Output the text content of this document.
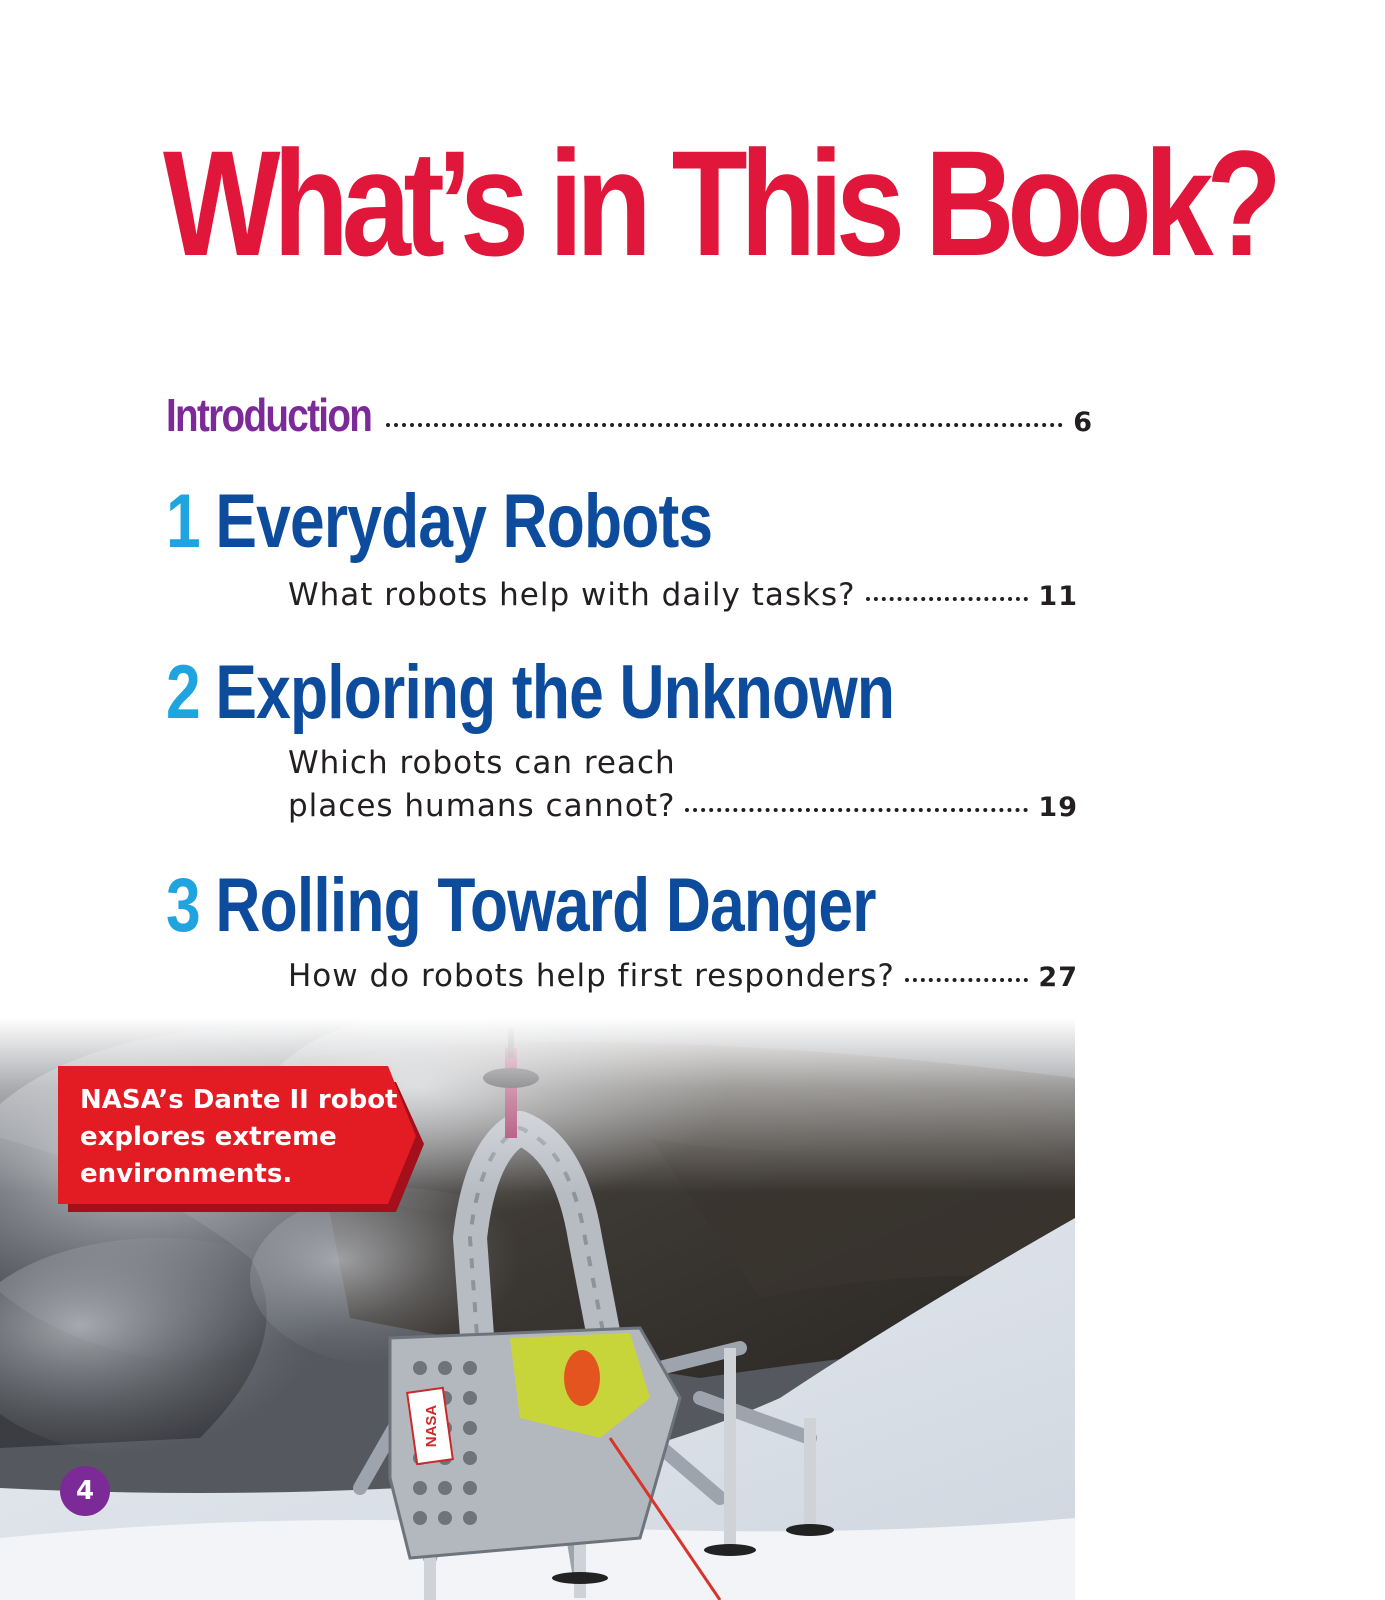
What’s in This Book?
Introduction	6
1 Everyday Robots
What robots help with daily tasks?	11
2 Exploring the Unknown
Which robots can reach
places humans cannot?	19
3 Rolling Toward Danger
How do robots help first responders?	27
NASA’s Dante II robot explores extreme environments.
4
